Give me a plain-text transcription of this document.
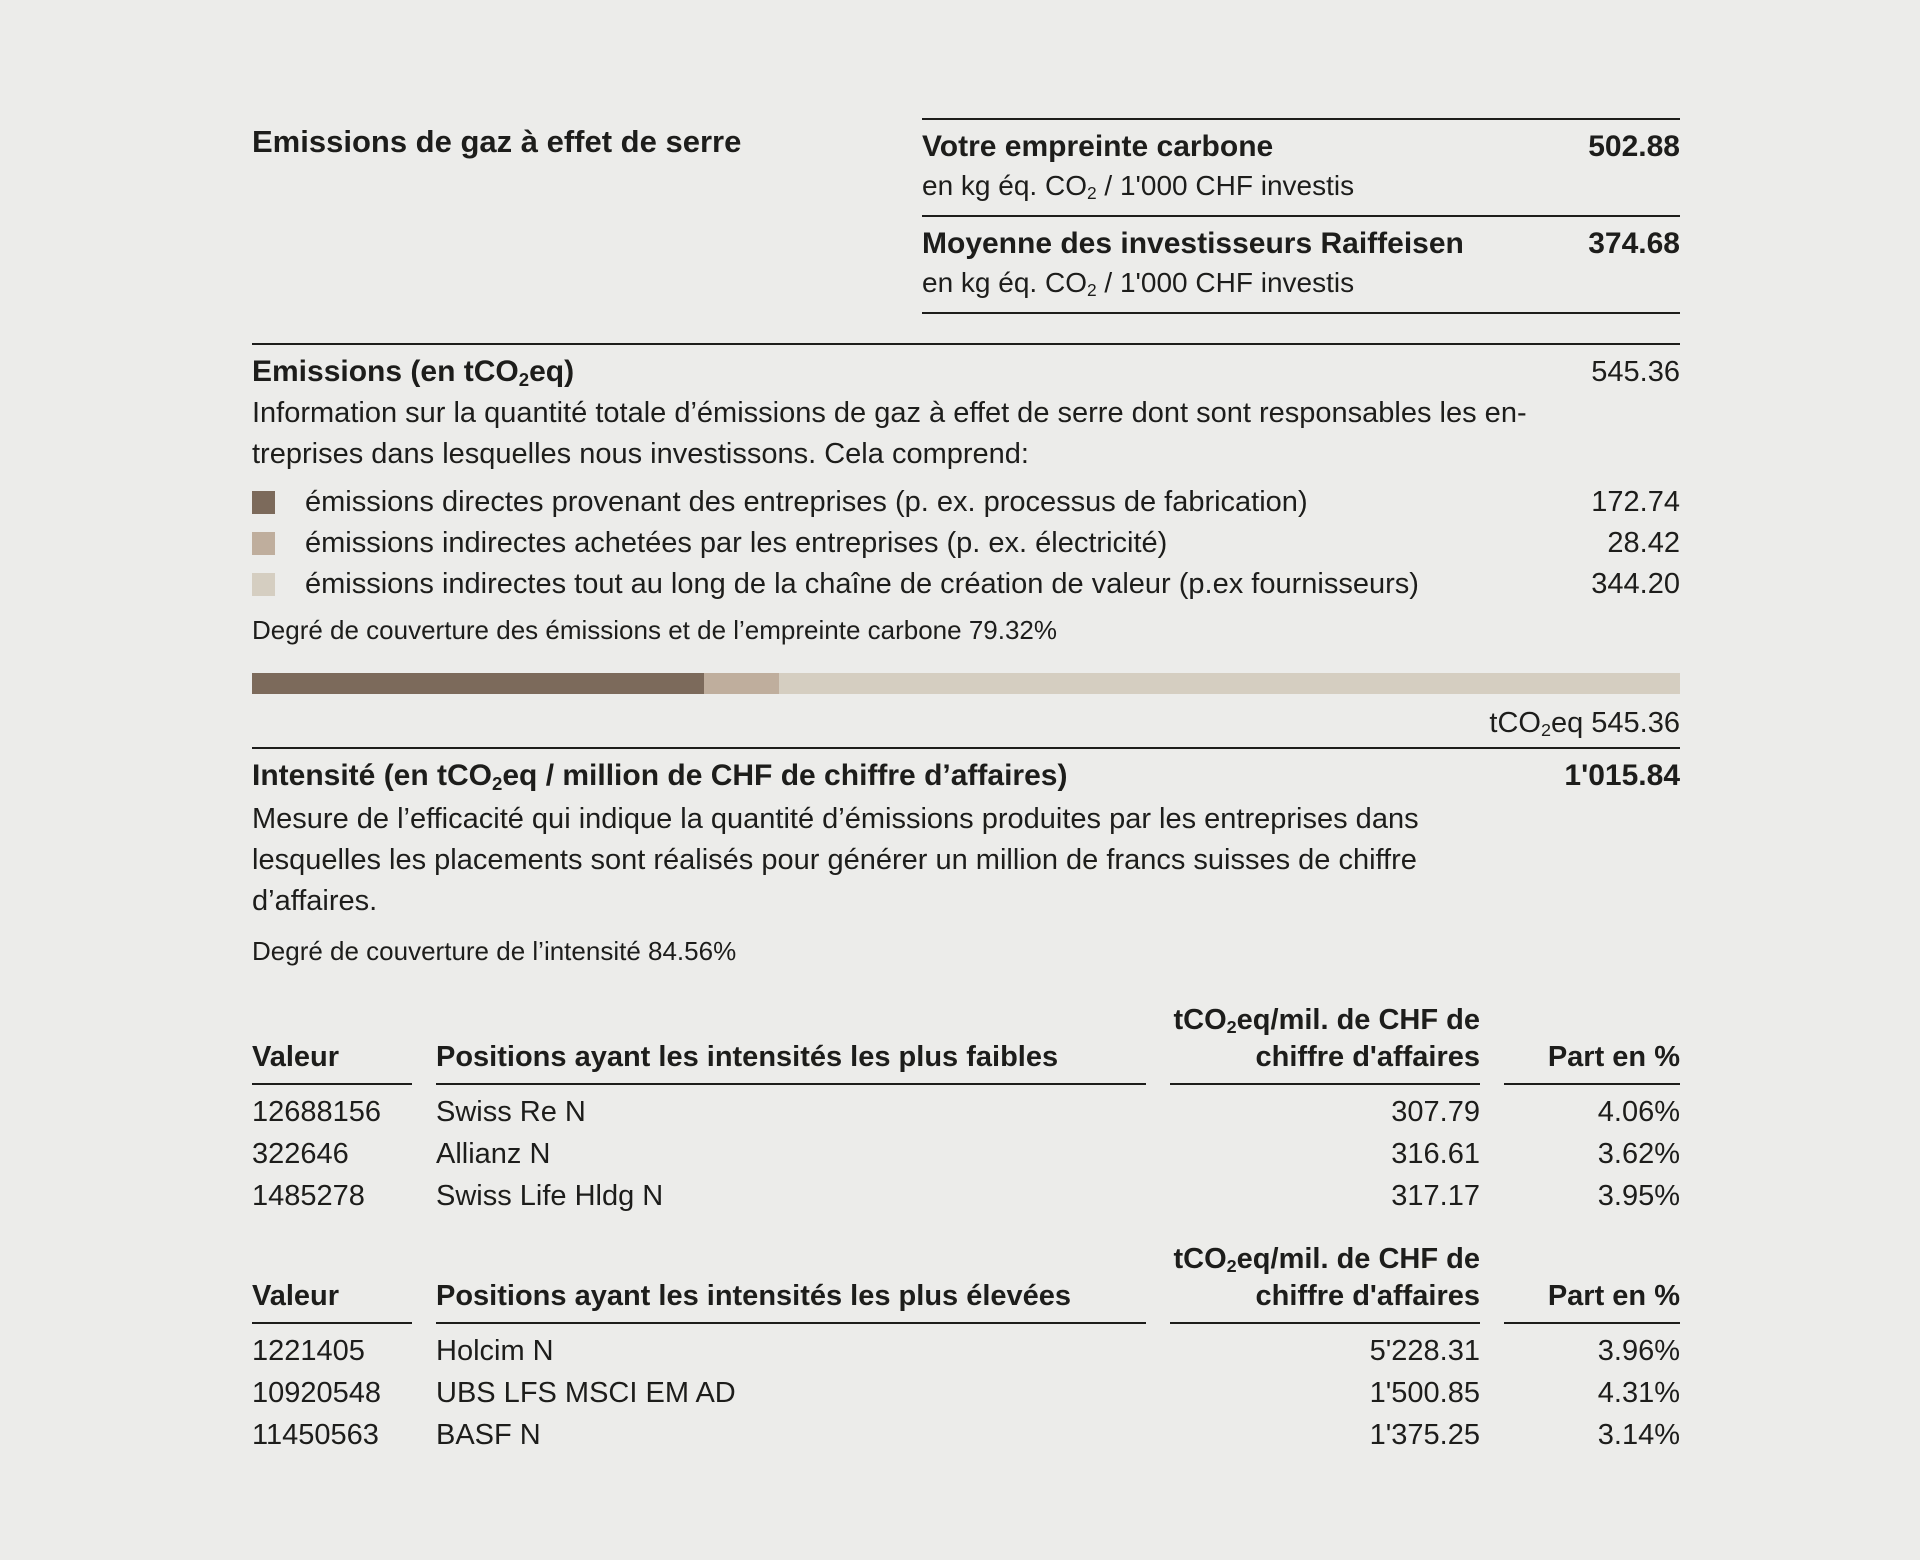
Emissions de gaz à effet de serre	Votre empreinte carbone	502.88
en kg éq. CO2 / 1'000 CHF investis
Moyenne des investisseurs Raiffeisen	374.68
en kg éq. CO2 / 1'000 CHF investis
Emissions (en tCO2eq)	545.36
Information sur la quantité totale d’émissions de gaz à effet de serre dont sont responsables les en-
treprises dans lesquelles nous investissons. Cela comprend:
émissions directes provenant des entreprises (p. ex. processus de fabrication)	172.74
émissions indirectes achetées par les entreprises (p. ex. électricité)	28.42
émissions indirectes tout au long de la chaîne de création de valeur (p.ex fournisseurs)	344.20
Degré de couverture des émissions et de l’empreinte carbone 79.32%
tCO2eq 545.36
Intensité (en tCO2eq / million de CHF de chiffre d’affaires)	1'015.84
Mesure de l’efficacité qui indique la quantité d’émissions produites par les entreprises dans
lesquelles les placements sont réalisés pour générer un million de francs suisses de chiffre
d’affaires.
Degré de couverture de l’intensité 84.56%
Valeur	Positions ayant les intensités les plus faibles	tCO2eq/mil. de CHF de
chiffre d'affaires	Part en %
12688156	Swiss Re N	307.79	4.06%
322646	Allianz N	316.61	3.62%
1485278	Swiss Life Hldg N	317.17	3.95%
Valeur	Positions ayant les intensités les plus élevées	tCO2eq/mil. de CHF de
chiffre d'affaires	Part en %
1221405	Holcim N	5'228.31	3.96%
10920548	UBS LFS MSCI EM AD	1'500.85	4.31%
11450563	BASF N	1'375.25	3.14%
